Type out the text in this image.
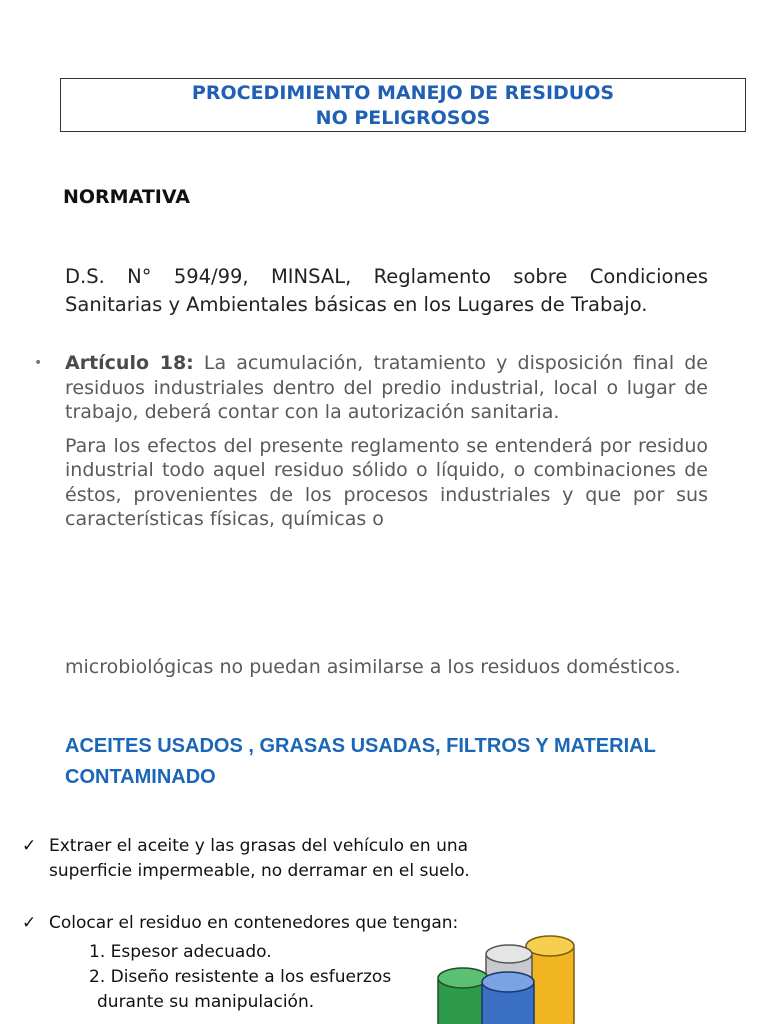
PROCEDIMIENTO MANEJO DE RESIDUOS
NO PELIGROSOS
NORMATIVA
D.S. N° 594/99, MINSAL, Reglamento sobre Condiciones Sanitarias y Ambientales básicas en los Lugares de Trabajo.
• Artículo 18: La acumulación, tratamiento y disposición final de residuos industriales dentro del predio industrial, local o lugar de trabajo, deberá contar con la autorización sanitaria.

Para los efectos del presente reglamento se entenderá por residuo industrial todo aquel residuo sólido o líquido, o combinaciones de éstos, provenientes de los procesos industriales y que por sus características físicas, químicas o

microbiológicas no puedan asimilarse a los residuos domésticos.
ACEITES USADOS , GRASAS USADAS, FILTROS Y MATERIAL CONTAMINADO
✓ Extraer el aceite y las grasas del vehículo en una superficie impermeable, no derramar en el suelo.
✓ Colocar el residuo en contenedores que tengan:
1. Espesor adecuado.
2. Diseño resistente a los esfuerzos
durante su manipulación.
